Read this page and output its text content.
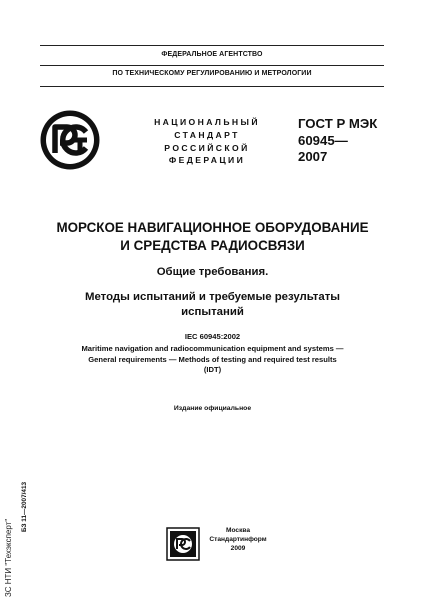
ФЕДЕРАЛЬНОЕ АГЕНТСТВО
ПО ТЕХНИЧЕСКОМУ РЕГУЛИРОВАНИЮ И МЕТРОЛОГИИ
НАЦИОНАЛЬНЫЙ
СТАНДАРТ
РОССИЙСКОЙ
ФЕДЕРАЦИИ
ГОСТ Р МЭК
60945—
2007
МОРСКОЕ НАВИГАЦИОННОЕ ОБОРУДОВАНИЕ
И СРЕДСТВА РАДИОСВЯЗИ
Общие требования.
Методы испытаний и требуемые результаты
испытаний
IEC 60945:2002
Maritime navigation and radiocommunication equipment and systems —
General requirements — Methods of testing and required test results
(IDT)
Издание официальное
БЗ 11—2007/413
ЗС НТИ "Техэксперт"	Москва
Стандартинформ
2009
